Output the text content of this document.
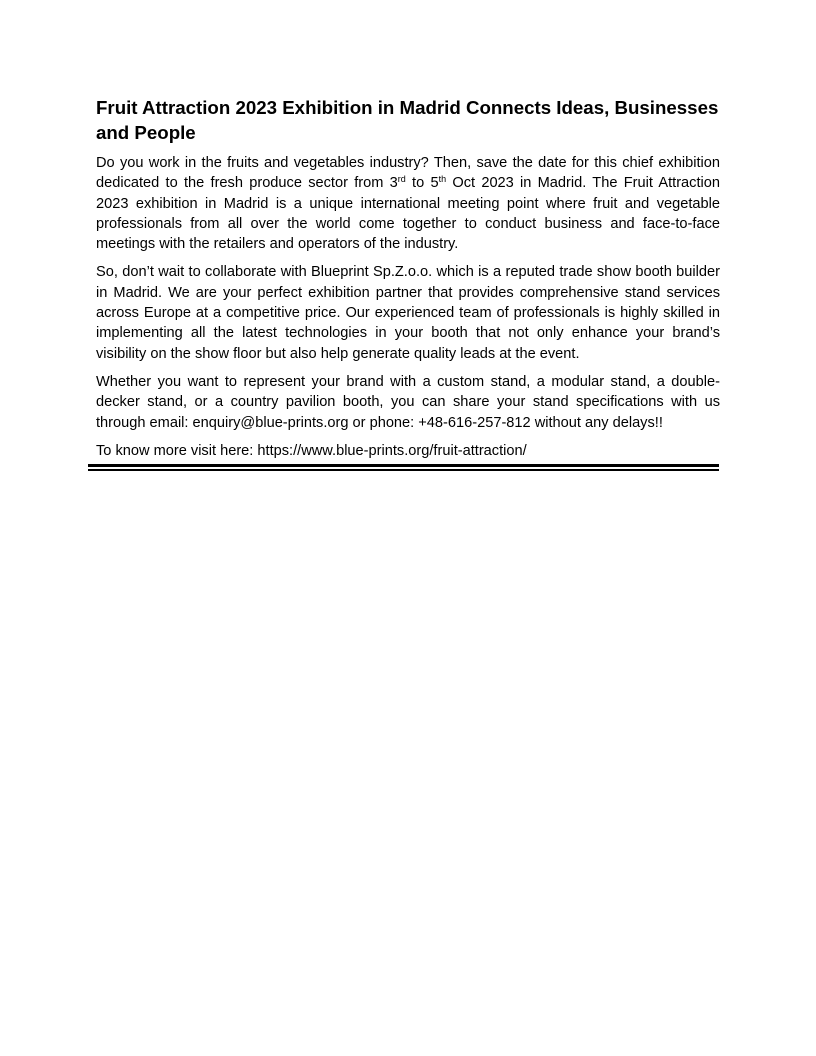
Fruit Attraction 2023 Exhibition in Madrid Connects Ideas, Businesses and People

Do you work in the fruits and vegetables industry? Then, save the date for this chief exhibition dedicated to the fresh produce sector from 3rd to 5th Oct 2023 in Madrid. The Fruit Attraction 2023 exhibition in Madrid is a unique international meeting point where fruit and vegetable professionals from all over the world come together to conduct business and face-to-face meetings with the retailers and operators of the industry.

So, don’t wait to collaborate with Blueprint Sp.Z.o.o. which is a reputed trade show booth builder in Madrid. We are your perfect exhibition partner that provides comprehensive stand services across Europe at a competitive price. Our experienced team of professionals is highly skilled in implementing all the latest technologies in your booth that not only enhance your brand’s visibility on the show floor but also help generate quality leads at the event.

Whether you want to represent your brand with a custom stand, a modular stand, a double-decker stand, or a country pavilion booth, you can share your stand specifications with us through email: enquiry@blue-prints.org or phone: +48-616-257-812 without any delays!!

To know more visit here: https://www.blue-prints.org/fruit-attraction/
